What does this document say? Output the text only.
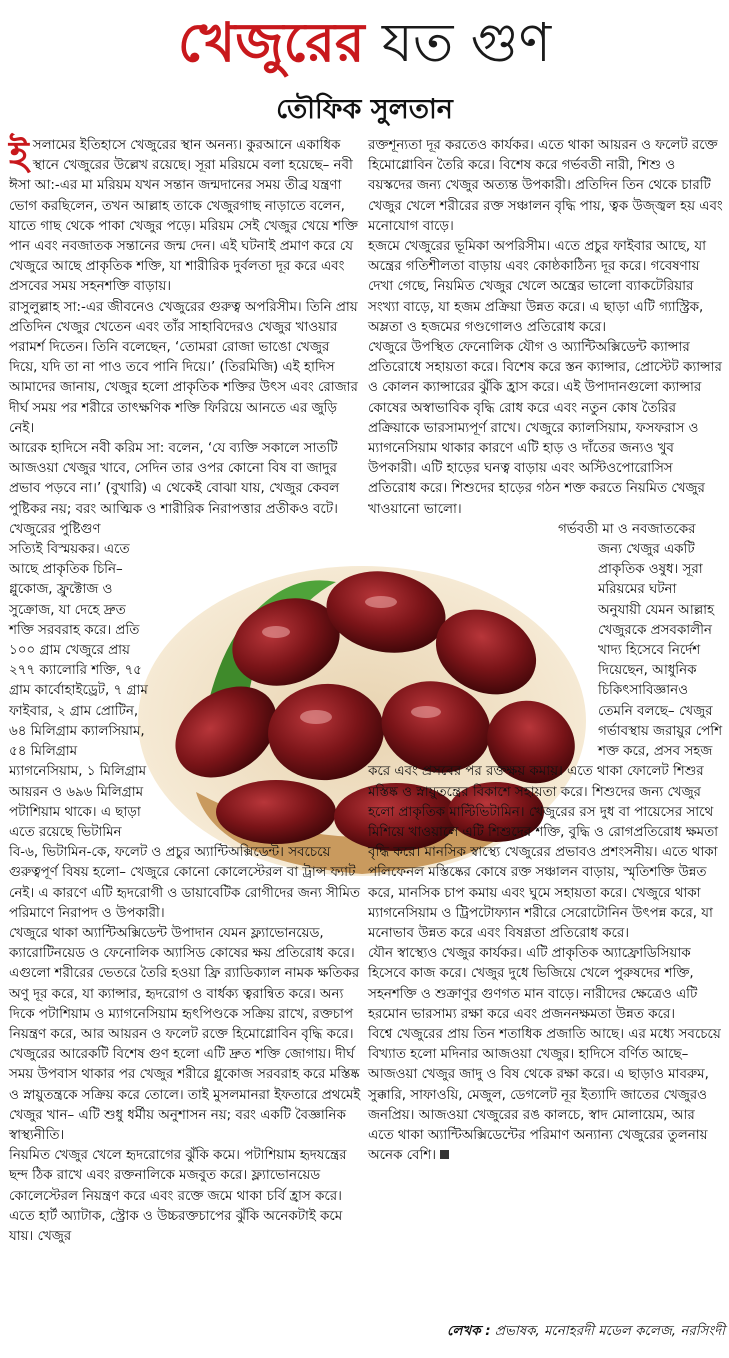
খেজুরের যত গুণ
তৌফিক সুলতান

ইসলামের ইতিহাসে খেজুরের স্থান অনন্য। কুরআনে একাধিক স্থানে খেজুরের উল্লেখ রয়েছে। সূরা মরিয়মে বলা হয়েছে– নবী ঈসা আ:-এর মা মরিয়ম যখন সন্তান জন্মদানের সময় তীব্র যন্ত্রণা ভোগ করছিলেন, তখন আল্লাহ তাকে খেজুরগাছ নাড়াতে বলেন, যাতে গাছ থেকে পাকা খেজুর পড়ে। মরিয়ম সেই খেজুর খেয়ে শক্তি পান এবং নবজাতক সন্তানের জন্ম দেন। এই ঘটনাই প্রমাণ করে যে খেজুরে আছে প্রাকৃতিক শক্তি, যা শারীরিক দুর্বলতা দূর করে এবং প্রসবের সময় সহনশক্তি বাড়ায়।

রাসুলুল্লাহ সা:-এর জীবনেও খেজুরের গুরুত্ব অপরিসীম। তিনি প্রায় প্রতিদিন খেজুর খেতেন এবং তাঁর সাহাবিদেরও খেজুর খাওয়ার পরামর্শ দিতেন। তিনি বলেছেন, ‘তোমরা রোজা ভাঙো খেজুর দিয়ে, যদি তা না পাও তবে পানি দিয়ে।’ (তিরমিজি) এই হাদিস আমাদের জানায়, খেজুর হলো প্রাকৃতিক শক্তির উৎস এবং রোজার দীর্ঘ সময় পর শরীরে তাৎক্ষণিক শক্তি ফিরিয়ে আনতে এর জুড়ি নেই।

আরেক হাদিসে নবী করিম সা: বলেন, ‘যে ব্যক্তি সকালে সাতটি আজওয়া খেজুর খাবে, সেদিন তার ওপর কোনো বিষ বা জাদুর প্রভাব পড়বে না।’ (বুখারি) এ থেকেই বোঝা যায়, খেজুর কেবল পুষ্টিকর নয়; বরং আত্মিক ও শারীরিক নিরাপত্তার প্রতীকও বটে।

খেজুরের পুষ্টিগুণ সত্যিই বিস্ময়কর। এতে আছে প্রাকৃতিক চিনি– গ্লুকোজ, ফ্রুক্টোজ ও সুক্রোজ, যা দেহে দ্রুত শক্তি সরবরাহ করে। প্রতি ১০০ গ্রাম খেজুরে প্রায় ২৭৭ ক্যালোরি শক্তি, ৭৫ গ্রাম কার্বোহাইড্রেট, ৭ গ্রাম ফাইবার, ২ গ্রাম প্রোটিন, ৬৪ মিলিগ্রাম ক্যালসিয়াম, ৫৪ মিলিগ্রাম ম্যাগনেসিয়াম, ১ মিলিগ্রাম আয়রন ও ৬৯৬ মিলিগ্রাম পটাশিয়াম থাকে। এ ছাড়া এতে রয়েছে ভিটামিন বি-৬, ভিটামিন-কে, ফলেট ও প্রচুর অ্যান্টিঅক্সিডেন্ট। সবচেয়ে গুরুত্বপূর্ণ বিষয় হলো– খেজুরে কোনো কোলেস্টেরল বা ট্রান্স ফ্যাট নেই। এ কারণে এটি হৃদরোগী ও ডায়াবেটিক রোগীদের জন্য সীমিত পরিমাণে নিরাপদ ও উপকারী।

খেজুরে থাকা অ্যান্টিঅক্সিডেন্ট উপাদান যেমন ফ্ল্যাভোনয়েড, ক্যারোটিনয়েড ও ফেনোলিক অ্যাসিড কোষের ক্ষয় প্রতিরোধ করে। এগুলো শরীরের ভেতরে তৈরি হওয়া ফ্রি র‍্যাডিক্যাল নামক ক্ষতিকর অণু দূর করে, যা ক্যান্সার, হৃদরোগ ও বার্ধক্য ত্বরান্বিত করে। অন্য দিকে পটাশিয়াম ও ম্যাগনেসিয়াম হৃৎপিণ্ডকে সক্রিয় রাখে, রক্তচাপ নিয়ন্ত্রণ করে, আর আয়রন ও ফলেট রক্তে হিমোগ্লোবিন বৃদ্ধি করে।

খেজুরের আরেকটি বিশেষ গুণ হলো এটি দ্রুত শক্তি জোগায়। দীর্ঘ সময় উপবাস থাকার পর খেজুর শরীরে গ্লুকোজ সরবরাহ করে মস্তিষ্ক ও স্নায়ুতন্ত্রকে সক্রিয় করে তোলে। তাই মুসলমানরা ইফতারে প্রথমেই খেজুর খান– এটি শুধু ধর্মীয় অনুশাসন নয়; বরং একটি বৈজ্ঞানিক স্বাস্থ্যনীতি।

নিয়মিত খেজুর খেলে হৃদরোগের ঝুঁকি কমে। পটাশিয়াম হৃদযন্ত্রের ছন্দ ঠিক রাখে এবং রক্তনালিকে মজবুত করে। ফ্ল্যাভোনয়েড কোলেস্টেরল নিয়ন্ত্রণ করে এবং রক্তে জমে থাকা চর্বি হ্রাস করে। এতে হার্ট অ্যাটাক, স্ট্রোক ও উচ্চরক্তচাপের ঝুঁকি অনেকটাই কমে যায়। খেজুর

রক্তশূন্যতা দূর করতেও কার্যকর। এতে থাকা আয়রন ও ফলেট রক্তে হিমোগ্লোবিন তৈরি করে। বিশেষ করে গর্ভবতী নারী, শিশু ও বয়স্কদের জন্য খেজুর অত্যন্ত উপকারী। প্রতিদিন তিন থেকে চারটি খেজুর খেলে শরীরের রক্ত সঞ্চালন বৃদ্ধি পায়, ত্বক উজ্জ্বল হয় এবং মনোযোগ বাড়ে।

হজমে খেজুরের ভূমিকা অপরিসীম। এতে প্রচুর ফাইবার আছে, যা অন্ত্রের গতিশীলতা বাড়ায় এবং কোষ্ঠকাঠিন্য দূর করে। গবেষণায় দেখা গেছে, নিয়মিত খেজুর খেলে অন্ত্রের ভালো ব্যাকটেরিয়ার সংখ্যা বাড়ে, যা হজম প্রক্রিয়া উন্নত করে। এ ছাড়া এটি গ্যাস্ট্রিক, অম্লতা ও হজমের গণ্ডগোলও প্রতিরোধ করে।

খেজুরে উপস্থিত ফেনোলিক যৌগ ও অ্যান্টিঅক্সিডেন্ট ক্যান্সার প্রতিরোধে সহায়তা করে। বিশেষ করে স্তন ক্যান্সার, প্রোস্টেট ক্যান্সার ও কোলন ক্যান্সারের ঝুঁকি হ্রাস করে। এই উপাদানগুলো ক্যান্সার কোষের অস্বাভাবিক বৃদ্ধি রোধ করে এবং নতুন কোষ তৈরির প্রক্রিয়াকে ভারসাম্যপূর্ণ রাখে। খেজুরে ক্যালসিয়াম, ফসফরাস ও ম্যাগনেসিয়াম থাকার কারণে এটি হাড় ও দাঁতের জন্যও খুব উপকারী। এটি হাড়ের ঘনত্ব বাড়ায় এবং অস্টিওপোরোসিস প্রতিরোধ করে। শিশুদের হাড়ের গঠন শক্ত করতে নিয়মিত খেজুর খাওয়ানো ভালো।

গর্ভবতী মা ও নবজাতকের জন্য খেজুর একটি প্রাকৃতিক ওষুধ। সূরা মরিয়মের ঘটনা অনুযায়ী যেমন আল্লাহ খেজুরকে প্রসবকালীন খাদ্য হিসেবে নির্দেশ দিয়েছেন, আধুনিক চিকিৎসাবিজ্ঞানও তেমনি বলছে– খেজুর গর্ভাবস্থায় জরায়ুর পেশি শক্ত করে, প্রসব সহজ করে এবং প্রসবের পর রক্তক্ষয় কমায়। এতে থাকা ফোলেট শিশুর মস্তিষ্ক ও স্নায়ুতন্ত্রের বিকাশে সহায়তা করে। শিশুদের জন্য খেজুর হলো প্রাকৃতিক মাল্টিভিটামিন। খেজুরের রস দুধ বা পায়েসের সাথে মিশিয়ে খাওয়ালে এটি শিশুদের শক্তি, বুদ্ধি ও রোগপ্রতিরোধ ক্ষমতা বৃদ্ধি করে। মানসিক স্বাস্থ্যে খেজুরের প্রভাবও প্রশংসনীয়। এতে থাকা পলিফেনল মস্তিষ্কের কোষে রক্ত সঞ্চালন বাড়ায়, স্মৃতিশক্তি উন্নত করে, মানসিক চাপ কমায় এবং ঘুমে সহায়তা করে। খেজুরে থাকা ম্যাগনেসিয়াম ও ট্রিপটোফ্যান শরীরে সেরোটোনিন উৎপন্ন করে, যা মনোভাব উন্নত করে এবং বিষণ্ণতা প্রতিরোধ করে।

যৌন স্বাস্থ্যেও খেজুর কার্যকর। এটি প্রাকৃতিক অ্যাফ্রোডিসিয়াক হিসেবে কাজ করে। খেজুর দুধে ভিজিয়ে খেলে পুরুষদের শক্তি, সহনশক্তি ও শুক্রাণুর গুণগত মান বাড়ে। নারীদের ক্ষেত্রেও এটি হরমোন ভারসাম্য রক্ষা করে এবং প্রজননক্ষমতা উন্নত করে।

বিশ্বে খেজুরের প্রায় তিন শতাধিক প্রজাতি আছে। এর মধ্যে সবচেয়ে বিখ্যাত হলো মদিনার আজওয়া খেজুর। হাদিসে বর্ণিত আছে– আজওয়া খেজুর জাদু ও বিষ থেকে রক্ষা করে। এ ছাড়াও মাবরুম, সুক্কারি, সাফাওয়ি, মেজুল, ডেগলেট নূর ইত্যাদি জাতের খেজুরও জনপ্রিয়। আজওয়া খেজুরের রঙ কালচে, স্বাদ মোলায়েম, আর এতে থাকা অ্যান্টিঅক্সিডেন্টের পরিমাণ অন্যান্য খেজুরের তুলনায় অনেক বেশি।

লেখক : প্রভাষক, মনোহরদী মডেল কলেজ, নরসিংদী
